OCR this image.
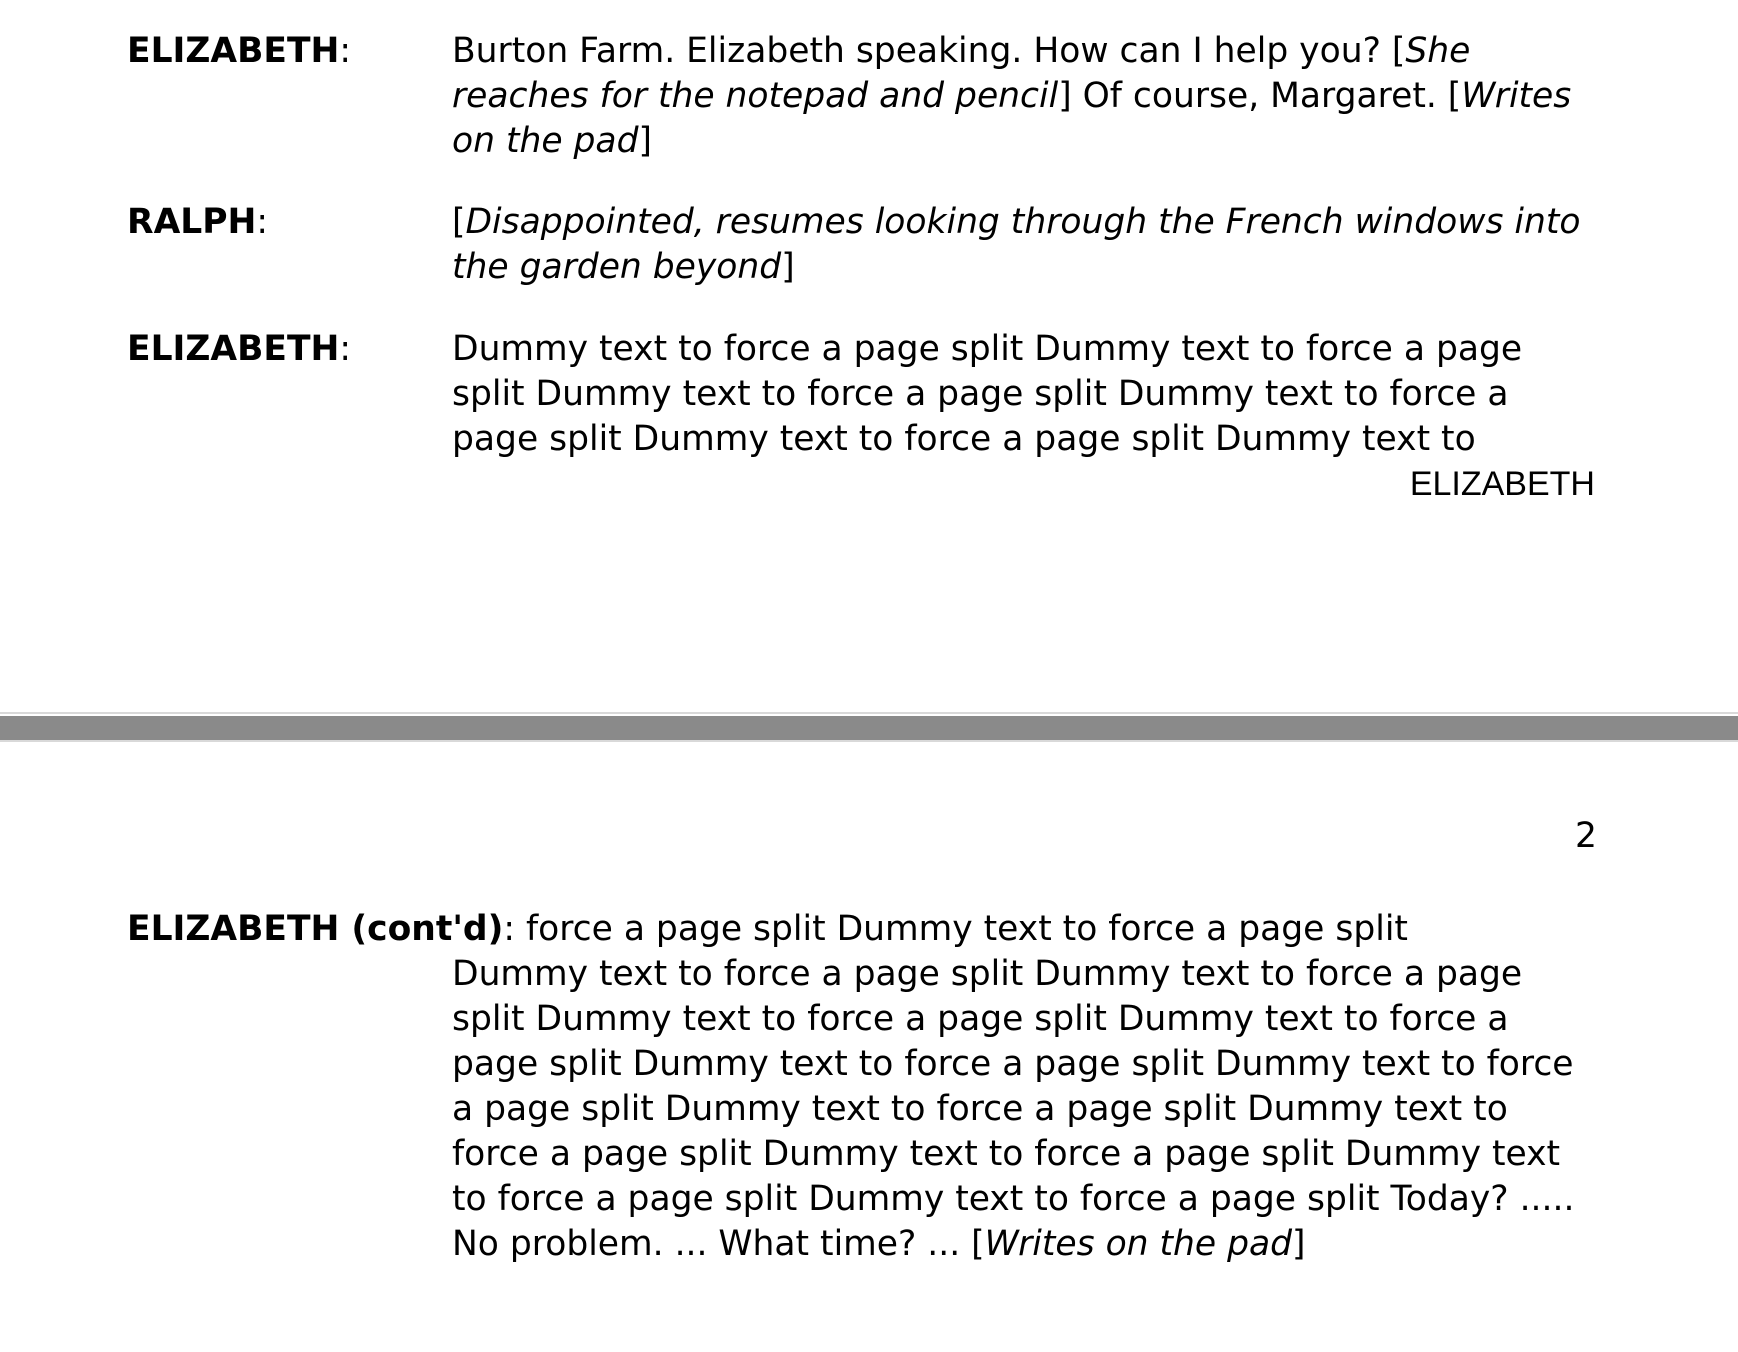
ELIZABETH:	Burton Farm. Elizabeth speaking. How can I help you? [She reaches for the notepad and pencil] Of course, Margaret. [Writes on the pad]
RALPH:	[Disappointed, resumes looking through the French windows into the garden beyond]
ELIZABETH:	Dummy text to force a page split Dummy text to force a page split Dummy text to force a page split Dummy text to force a page split Dummy text to force a page split Dummy text to
ELIZABETH
2
ELIZABETH (cont'd): force a page split Dummy text to force a page split
Dummy text to force a page split Dummy text to force a page split Dummy text to force a page split Dummy text to force a page split Dummy text to force a page split Dummy text to force a page split Dummy text to force a page split Dummy text to force a page split Dummy text to force a page split Dummy text to force a page split Dummy text to force a page split Today? ..... No problem. ... What time? ... [Writes on the pad]
